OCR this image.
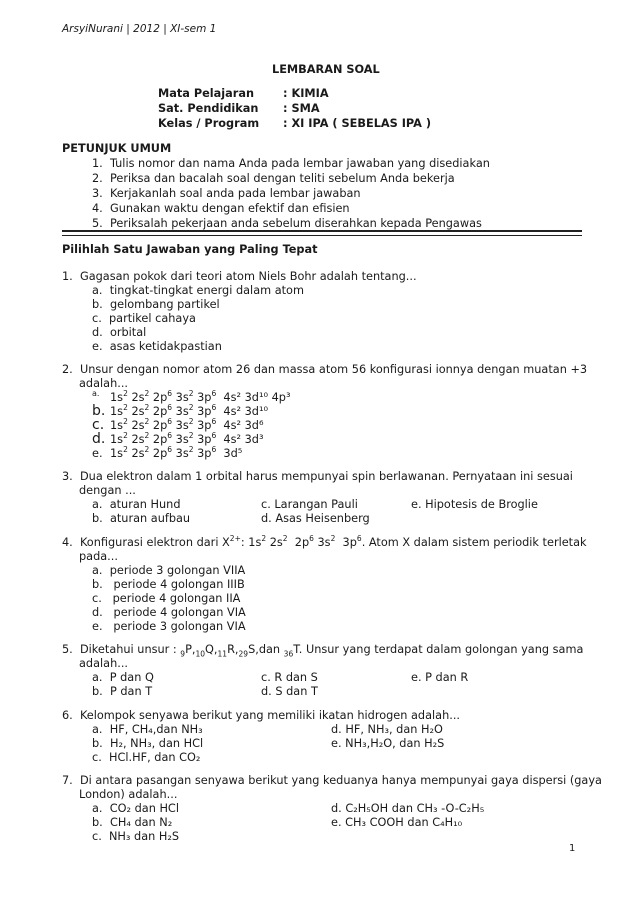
ArsyiNurani | 2012 | XI-sem 1
LEMBARAN SOAL
Mata Pelajaran	: KIMIA
Sat. Pendidikan : SMA
Kelas / Program : XI IPA ( SEBELAS IPA )
PETUNJUK UMUM
1.  Tulis nomor dan nama Anda pada lembar jawaban yang disediakan
2.  Periksa dan bacalah soal dengan teliti sebelum Anda bekerja
3.  Kerjakanlah soal anda pada lembar jawaban
4.  Gunakan waktu dengan efektif dan efisien
5.  Periksalah pekerjaan anda sebelum diserahkan kepada Pengawas
Pilihlah Satu Jawaban yang Paling Tepat
1.  Gagasan pokok dari teori atom Niels Bohr adalah tentang...
a.  tingkat-tingkat energi dalam atom
b.  gelombang partikel
c.  partikel cahaya
d.  orbital
e.  asas ketidakpastian
2.  Unsur dengan nomor atom 26 dan massa atom 56 konfigurasi ionnya dengan muatan +3
adalah...
a. $1s^2$ $2s^2$ $2p^6$ $3s^2$ $3p^6$ 4s² 3d¹⁰ 4p³
b. $1s^2$ $2s^2$ $2p^6$ $3s^2$ $3p^6$ 4s² 3d¹⁰
c. $1s^2$ $2s^2$ $2p^6$ $3s^2$ $3p^6$ 4s² 3d⁶
d. $1s^2$ $2s^2$ $2p^6$ $3s^2$ $3p^6$ 4s² 3d³
e. $1s^2$ $2s^2$ $2p^6$ $3s^2$ $3p^6$ 3d⁵
3.  Dua elektron dalam 1 orbital harus mempunyai spin berlawanan. Pernyataan ini sesuai
dengan ...
a.  aturan Hund
b.  aturan aufbau
c. Larangan Pauli
d. Asas Heisenberg
e. Hipotesis de Broglie
4.  Konfigurasi elektron dari $X^{2+}$: $1s^2$ $2s^2$  $2p^6$ $3s^2$  $3p^6$. Atom X dalam sistem periodik terletak
pada...
a.  periode 3 golongan VIIA
b.   periode 4 golongan IIIB
c.   periode 4 golongan IIA
d.   periode 4 golongan VIA
e.   periode 3 golongan VIA
5.  Diketahui unsur : $_9P,_{10}Q,_{11}R,_{29}S,dan$ $_{36}$T. Unsur yang terdapat dalam golongan yang sama
adalah...
a.  P dan Q
b.  P dan T
c. R dan S
d. S dan T
e. P dan R
6.  Kelompok senyawa berikut yang memiliki ikatan hidrogen adalah...
a.  HF, CH₄,dan NH₃
b.  H₂, NH₃, dan HCl
c.  HCl.HF, dan CO₂
d. HF, NH₃, dan H₂O
e. NH₃,H₂O, dan H₂S
7.  Di antara pasangan senyawa berikut yang keduanya hanya mempunyai gaya dispersi (gaya
London) adalah...
a.  CO₂ dan HCl
b.  CH₄ dan N₂
c.  NH₃ dan H₂S
d. C₂H₅OH dan CH₃ -O-C₂H₅
e. CH₃ COOH dan C₄H₁₀
1
